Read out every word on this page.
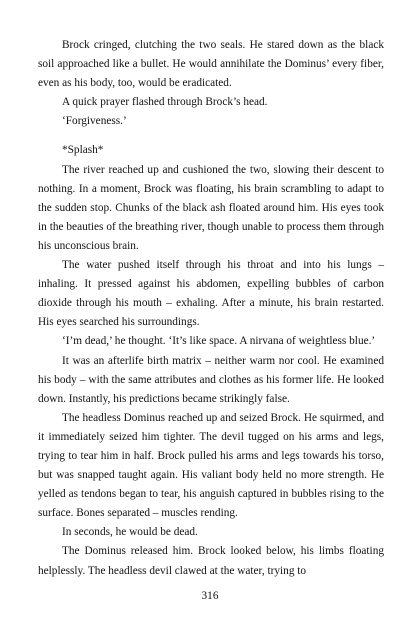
Brock cringed, clutching the two seals. He stared down as the black soil approached like a bullet. He would annihilate the Dominus’ every fiber, even as his body, too, would be eradicated.

A quick prayer flashed through Brock’s head.

‘Forgiveness.’

*Splash*

The river reached up and cushioned the two, slowing their descent to nothing. In a moment, Brock was floating, his brain scrambling to adapt to the sudden stop. Chunks of the black ash floated around him. His eyes took in the beauties of the breathing river, though unable to process them through his unconscious brain.

The water pushed itself through his throat and into his lungs – inhaling. It pressed against his abdomen, expelling bubbles of carbon dioxide through his mouth – exhaling. After a minute, his brain restarted. His eyes searched his surroundings.

‘I’m dead,’ he thought. ‘It’s like space. A nirvana of weightless blue.’

It was an afterlife birth matrix – neither warm nor cool. He examined his body – with the same attributes and clothes as his former life. He looked down. Instantly, his predictions became strikingly false.

The headless Dominus reached up and seized Brock. He squirmed, and it immediately seized him tighter. The devil tugged on his arms and legs, trying to tear him in half. Brock pulled his arms and legs towards his torso, but was snapped taught again. His valiant body held no more strength. He yelled as tendons began to tear, his anguish captured in bubbles rising to the surface. Bones separated – muscles rending.

In seconds, he would be dead.

The Dominus released him. Brock looked below, his limbs floating helplessly. The headless devil clawed at the water, trying to

316
